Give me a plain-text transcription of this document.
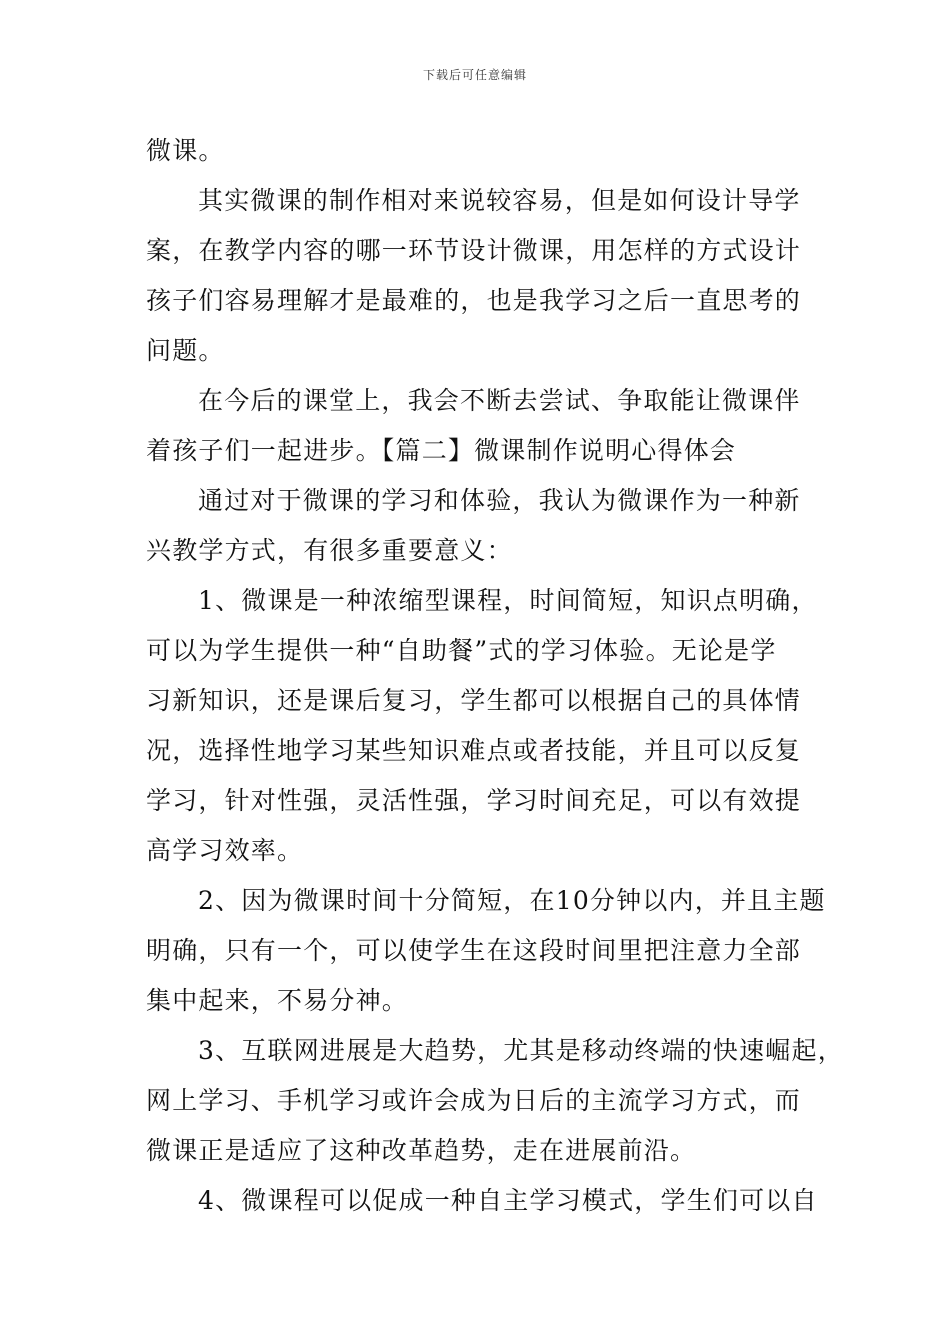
下载后可任意编辑
微课。
其实微课的制作相对来说较容易，但是如何设计导学
案，在教学内容的哪一环节设计微课，用怎样的方式设计
孩子们容易理解才是最难的，也是我学习之后一直思考的
问题。
在今后的课堂上，我会不断去尝试、争取能让微课伴
着孩子们一起进步。【篇二】微课制作说明心得体会
通过对于微课的学习和体验，我认为微课作为一种新
兴教学方式，有很多重要意义：
1、微课是一种浓缩型课程，时间简短，知识点明确，
可以为学生提供一种“自助餐”式的学习体验。无论是学
习新知识，还是课后复习，学生都可以根据自己的具体情
况，选择性地学习某些知识难点或者技能，并且可以反复
学习，针对性强，灵活性强，学习时间充足，可以有效提
高学习效率。
2、因为微课时间十分简短，在10分钟以内，并且主题
明确，只有一个，可以使学生在这段时间里把注意力全部
集中起来，不易分神。
3、互联网进展是大趋势，尤其是移动终端的快速崛起，
网上学习、手机学习或许会成为日后的主流学习方式，而
微课正是适应了这种改革趋势，走在进展前沿。
4、微课程可以促成一种自主学习模式，学生们可以自
